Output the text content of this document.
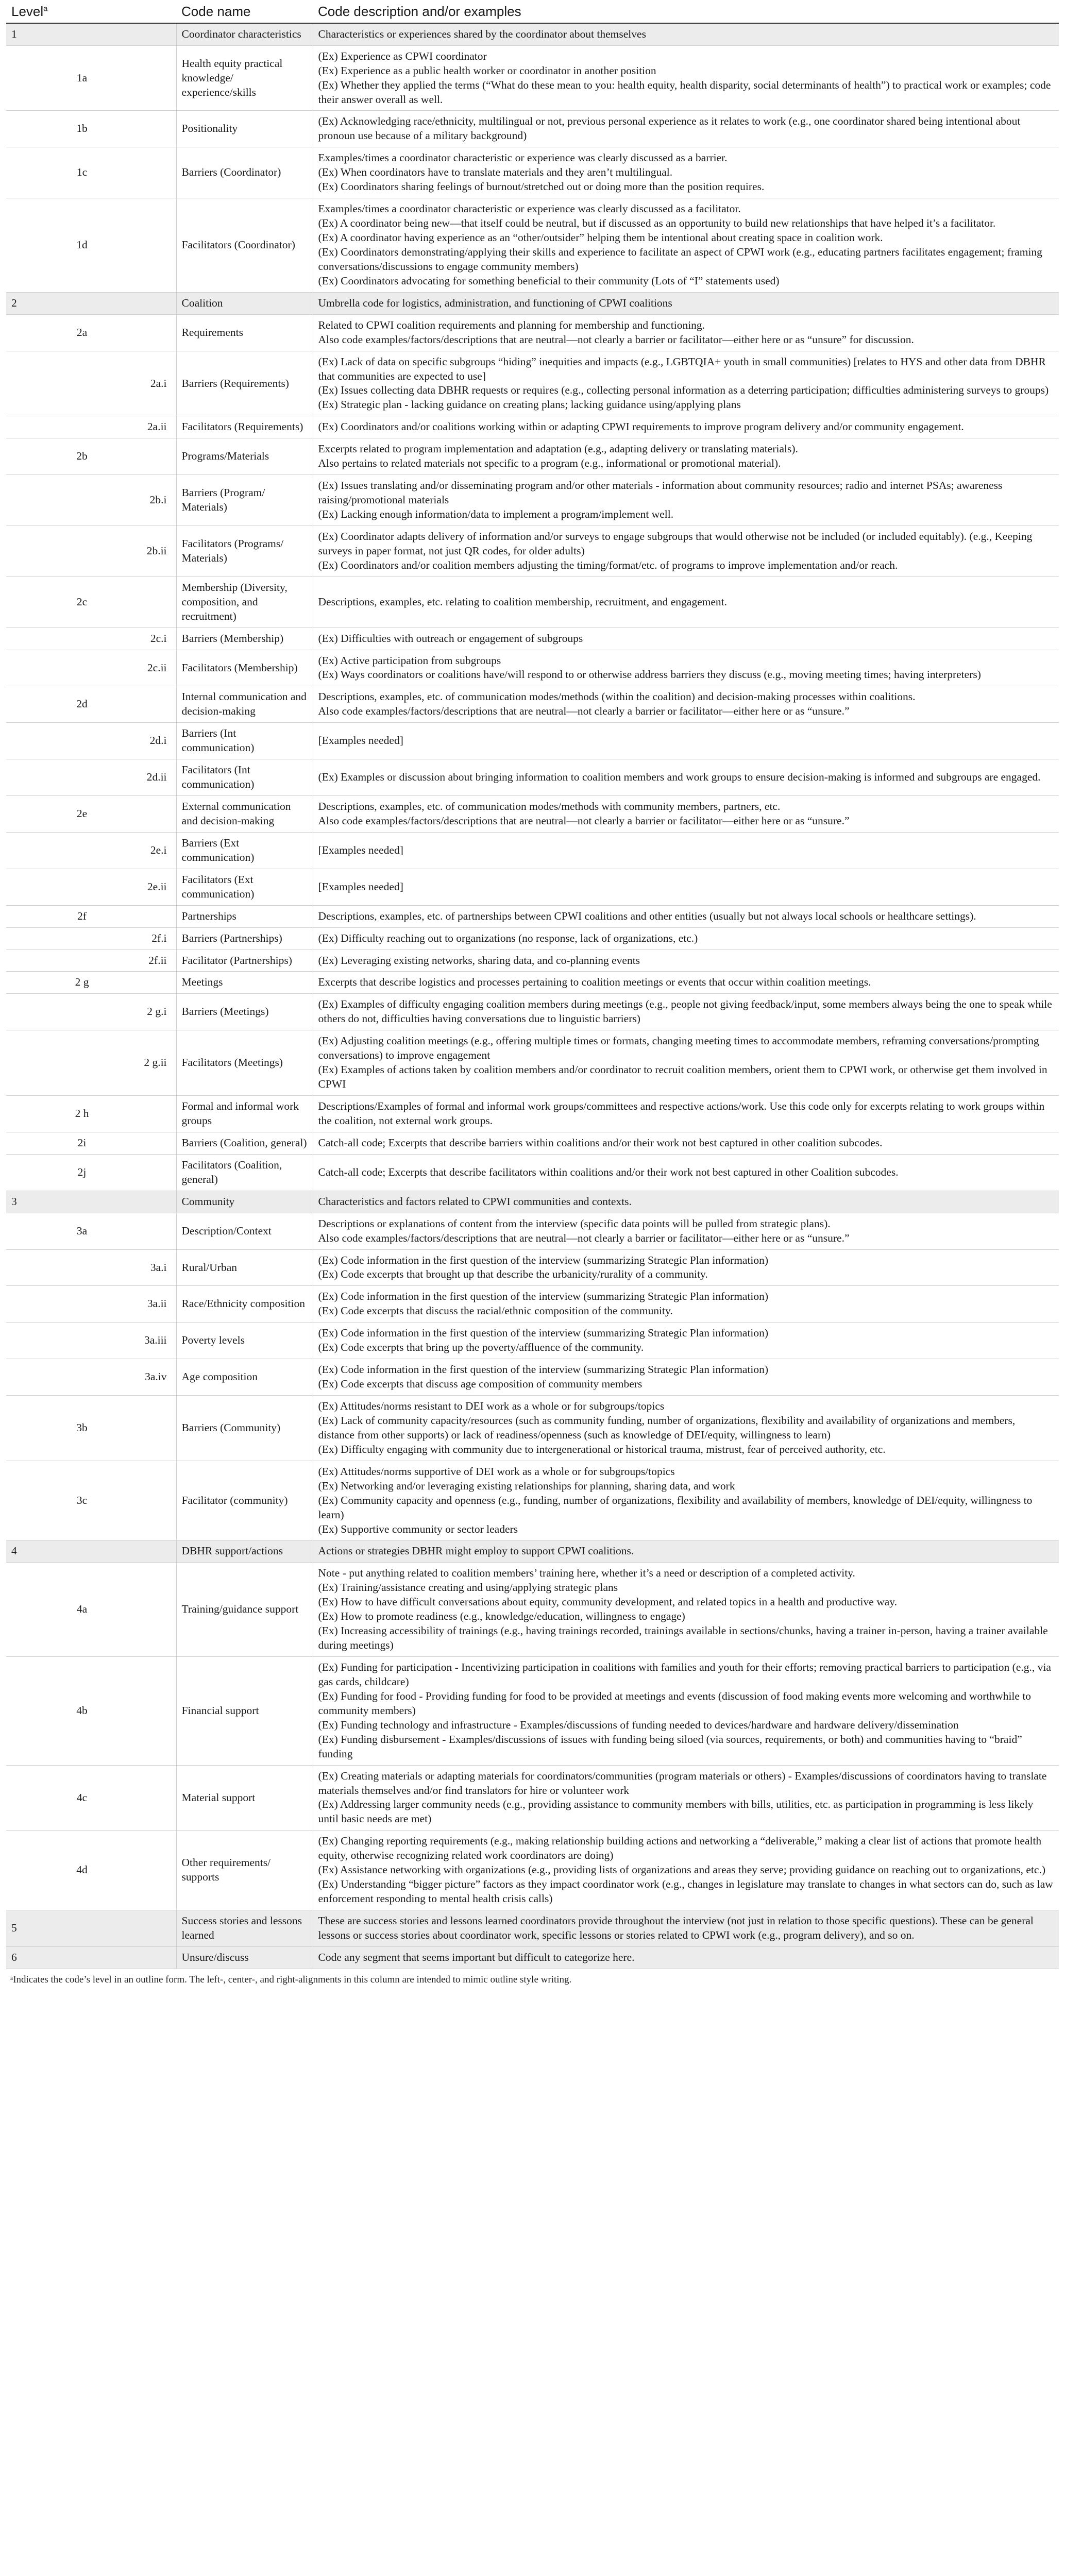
Level$^a$			Code name	Code description and/or examples
1			Coordinator characteristics	Characteristics or experiences shared by the coordinator about themselves

	1a		Health equity practical knowledge/ experience/skills	(Ex) Experience as CPWI coordinator
(Ex) Experience as a public health worker or coordinator in another position
(Ex) Whether they applied the terms (“What do these mean to you: health equity, health disparity, social determinants of health”) to practical work or examples; code their answer overall as well.

	1b		Positionality	(Ex) Acknowledging race/ethnicity, multilingual or not, previous personal experience as it relates to work (e.g., one coordinator shared being intentional about pronoun use because of a military background)

	1c		Barriers (Coordinator)	Examples/times a coordinator characteristic or experience was clearly discussed as a barrier.
(Ex) When coordinators have to translate materials and they aren’t multilingual.
(Ex) Coordinators sharing feelings of burnout/stretched out or doing more than the position requires.

	1d		Facilitators (Coordinator)	Examples/times a coordinator characteristic or experience was clearly discussed as a facilitator.
(Ex) A coordinator being new—that itself could be neutral, but if discussed as an opportunity to build new relationships that have helped it’s a facilitator.
(Ex) A coordinator having experience as an “other/outsider” helping them be intentional about creating space in coalition work.
(Ex) Coordinators demonstrating/applying their skills and experience to facilitate an aspect of CPWI work (e.g., educating partners facilitates engagement; framing conversations/discussions to engage community members)
(Ex) Coordinators advocating for something beneficial to their community (Lots of “I” statements used)

2			Coalition	Umbrella code for logistics, administration, and functioning of CPWI coalitions

	2a		Requirements	Related to CPWI coalition requirements and planning for membership and functioning.
Also code examples/factors/descriptions that are neutral—not clearly a barrier or facilitator—either here or as “unsure” for discussion.

		2a.i	Barriers (Requirements)	(Ex) Lack of data on specific subgroups “hiding” inequities and impacts (e.g., LGBTQIA+ youth in small communities) [relates to HYS and other data from DBHR that communities are expected to use]
(Ex) Issues collecting data DBHR requests or requires (e.g., collecting personal information as a deterring participation; difficulties administering surveys to groups)
(Ex) Strategic plan - lacking guidance on creating plans; lacking guidance using/applying plans

		2a.ii	Facilitators (Requirements)	(Ex) Coordinators and/or coalitions working within or adapting CPWI requirements to improve program delivery and/or community engagement.

	2b		Programs/Materials	Excerpts related to program implementation and adaptation (e.g., adapting delivery or translating materials).
Also pertains to related materials not specific to a program (e.g., informational or promotional material).

		2b.i	Barriers (Program/ Materials)	(Ex) Issues translating and/or disseminating program and/or other materials - information about community resources; radio and internet PSAs; awareness raising/promotional materials
(Ex) Lacking enough information/data to implement a program/implement well.

		2b.ii	Facilitators (Programs/ Materials)	(Ex) Coordinator adapts delivery of information and/or surveys to engage subgroups that would otherwise not be included (or included equitably). (e.g., Keeping surveys in paper format, not just QR codes, for older adults)
(Ex) Coordinators and/or coalition members adjusting the timing/format/etc. of programs to improve implementation and/or reach.

	2c		Membership (Diversity, composition, and recruitment)	Descriptions, examples, etc. relating to coalition membership, recruitment, and engagement.

		2c.i	Barriers (Membership)	(Ex) Difficulties with outreach or engagement of subgroups

		2c.ii	Facilitators (Membership)	(Ex) Active participation from subgroups
(Ex) Ways coordinators or coalitions have/will respond to or otherwise address barriers they discuss (e.g., moving meeting times; having interpreters)

	2d		Internal communication and decision-making	Descriptions, examples, etc. of communication modes/methods (within the coalition) and decision-making processes within coalitions.
Also code examples/factors/descriptions that are neutral—not clearly a barrier or facilitator—either here or as “unsure.”

		2d.i	Barriers (Int communication)	[Examples needed]

		2d.ii	Facilitators (Int communication)	(Ex) Examples or discussion about bringing information to coalition members and work groups to ensure decision-making is informed and subgroups are engaged.

	2e		External communication and decision-making	Descriptions, examples, etc. of communication modes/methods with community members, partners, etc.
Also code examples/factors/descriptions that are neutral—not clearly a barrier or facilitator—either here or as “unsure.”

		2e.i	Barriers (Ext communication)	[Examples needed]

		2e.ii	Facilitators (Ext communication)	[Examples needed]

	2f		Partnerships	Descriptions, examples, etc. of partnerships between CPWI coalitions and other entities (usually but not always local schools or healthcare settings).

		2f.i	Barriers (Partnerships)	(Ex) Difficulty reaching out to organizations (no response, lack of organizations, etc.)

		2f.ii	Facilitator (Partnerships)	(Ex) Leveraging existing networks, sharing data, and co-planning events

	2 g		Meetings	Excerpts that describe logistics and processes pertaining to coalition meetings or events that occur within coalition meetings.

		2 g.i	Barriers (Meetings)	(Ex) Examples of difficulty engaging coalition members during meetings (e.g., people not giving feedback/input, some members always being the one to speak while others do not, difficulties having conversations due to linguistic barriers)

		2 g.ii	Facilitators (Meetings)	(Ex) Adjusting coalition meetings (e.g., offering multiple times or formats, changing meeting times to accommodate members, reframing conversations/prompting conversations) to improve engagement
(Ex) Examples of actions taken by coalition members and/or coordinator to recruit coalition members, orient them to CPWI work, or otherwise get them involved in CPWI

	2 h		Formal and informal work groups	Descriptions/Examples of formal and informal work groups/committees and respective actions/work. Use this code only for excerpts relating to work groups within the coalition, not external work groups.

	2i		Barriers (Coalition, general)	Catch-all code; Excerpts that describe barriers within coalitions and/or their work not best captured in other coalition subcodes.

	2j		Facilitators (Coalition, general)	Catch-all code; Excerpts that describe facilitators within coalitions and/or their work not best captured in other Coalition subcodes.

3			Community	Characteristics and factors related to CPWI communities and contexts.

	3a		Description/Context	Descriptions or explanations of content from the interview (specific data points will be pulled from strategic plans).
Also code examples/factors/descriptions that are neutral—not clearly a barrier or facilitator—either here or as “unsure.”

		3a.i	Rural/Urban	(Ex) Code information in the first question of the interview (summarizing Strategic Plan information)
(Ex) Code excerpts that brought up that describe the urbanicity/rurality of a community.

		3a.ii	Race/Ethnicity composition	(Ex) Code information in the first question of the interview (summarizing Strategic Plan information)
(Ex) Code excerpts that discuss the racial/ethnic composition of the community.

		3a.iii	Poverty levels	(Ex) Code information in the first question of the interview (summarizing Strategic Plan information)
(Ex) Code excerpts that bring up the poverty/affluence of the community.

		3a.iv	Age composition	(Ex) Code information in the first question of the interview (summarizing Strategic Plan information)
(Ex) Code excerpts that discuss age composition of community members

	3b		Barriers (Community)	(Ex) Attitudes/norms resistant to DEI work as a whole or for subgroups/topics
(Ex) Lack of community capacity/resources (such as community funding, number of organizations, flexibility and availability of organizations and members, distance from other supports) or lack of readiness/openness (such as knowledge of DEI/equity, willingness to learn)
(Ex) Difficulty engaging with community due to intergenerational or historical trauma, mistrust, fear of perceived authority, etc.

	3c		Facilitator (community)	(Ex) Attitudes/norms supportive of DEI work as a whole or for subgroups/topics
(Ex) Networking and/or leveraging existing relationships for planning, sharing data, and work
(Ex) Community capacity and openness (e.g., funding, number of organizations, flexibility and availability of members, knowledge of DEI/equity, willingness to learn)
(Ex) Supportive community or sector leaders

4			DBHR support/actions	Actions or strategies DBHR might employ to support CPWI coalitions.

	4a		Training/guidance support	Note - put anything related to coalition members’ training here, whether it’s a need or description of a completed activity.
(Ex) Training/assistance creating and using/applying strategic plans
(Ex) How to have difficult conversations about equity, community development, and related topics in a health and productive way.
(Ex) How to promote readiness (e.g., knowledge/education, willingness to engage)
(Ex) Increasing accessibility of trainings (e.g., having trainings recorded, trainings available in sections/chunks, having a trainer in-person, having a trainer available during meetings)

	4b		Financial support	(Ex) Funding for participation - Incentivizing participation in coalitions with families and youth for their efforts; removing practical barriers to participation (e.g., via gas cards, childcare)
(Ex) Funding for food - Providing funding for food to be provided at meetings and events (discussion of food making events more welcoming and worthwhile to community members)
(Ex) Funding technology and infrastructure - Examples/discussions of funding needed to devices/hardware and hardware delivery/dissemination
(Ex) Funding disbursement - Examples/discussions of issues with funding being siloed (via sources, requirements, or both) and communities having to “braid” funding

	4c		Material support	(Ex) Creating materials or adapting materials for coordinators/communities (program materials or others) - Examples/discussions of coordinators having to translate materials themselves and/or find translators for hire or volunteer work
(Ex) Addressing larger community needs (e.g., providing assistance to community members with bills, utilities, etc. as participation in programming is less likely until basic needs are met)

	4d		Other requirements/ supports	(Ex) Changing reporting requirements (e.g., making relationship building actions and networking a “deliverable,” making a clear list of actions that promote health equity, otherwise recognizing related work coordinators are doing)
(Ex) Assistance networking with organizations (e.g., providing lists of organizations and areas they serve; providing guidance on reaching out to organizations, etc.)
(Ex) Understanding “bigger picture” factors as they impact coordinator work (e.g., changes in legislature may translate to changes in what sectors can do, such as law enforcement responding to mental health crisis calls)

5			Success stories and lessons learned	These are success stories and lessons learned coordinators provide throughout the interview (not just in relation to those specific questions). These can be general lessons or success stories about coordinator work, specific lessons or stories related to CPWI work (e.g., program delivery), and so on.

6			Unsure/discuss	Code any segment that seems important but difficult to categorize here.
ᵃIndicates the code’s level in an outline form. The left-, center-, and right-alignments in this column are intended to mimic outline style writing.
